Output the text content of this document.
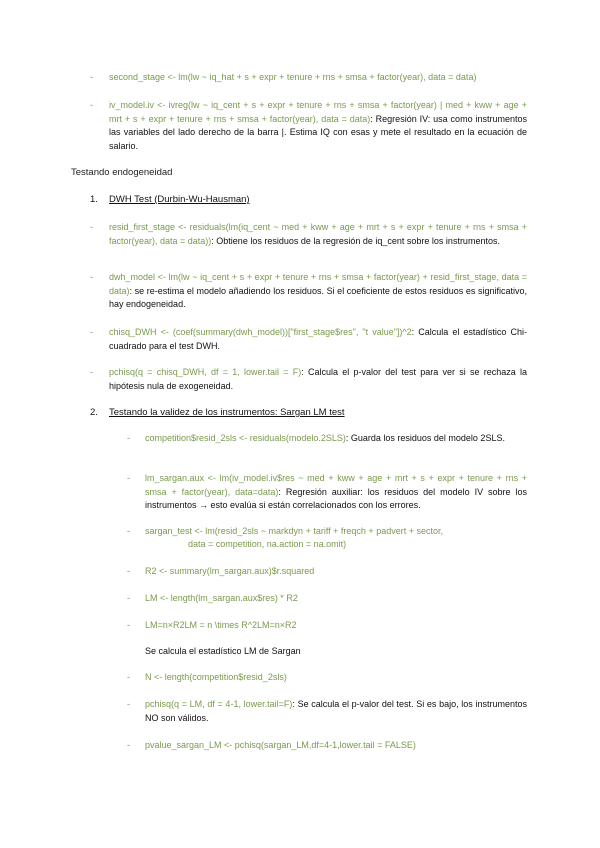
- second_stage <- lm(lw ~ iq_hat + s + expr + tenure + rns + smsa + factor(year), data = data)
- iv_model.iv <- ivreg(lw ~ iq_cent + s + expr + tenure + rns + smsa + factor(year) | med + kww + age + mrt + s + expr + tenure + rns + smsa + factor(year), data = data): Regresión IV: usa como instrumentos las variables del lado derecho de la barra |. Estima IQ con esas y mete el resultado en la ecuación de salario.
Testando endogeneidad
1. DWH Test (Durbin-Wu-Hausman)
- resid_first_stage <- residuals(lm(iq_cent ~ med + kww + age + mrt + s + expr + tenure + rns + smsa + factor(year), data = data)): Obtiene los residuos de la regresión de iq_cent sobre los instrumentos.
- dwh_model <- lm(lw ~ iq_cent + s + expr + tenure + rns + smsa + factor(year) + resid_first_stage, data = data): se re-estima el modelo añadiendo los residuos. Si el coeficiente de estos residuos es significativo, hay endogeneidad.
- chisq_DWH <- (coef(summary(dwh_model))["first_stage$res", "t value"])^2: Calcula el estadístico Chi-cuadrado para el test DWH.
- pchisq(q = chisq_DWH, df = 1, lower.tail = F): Calcula el p-valor del test para ver si se rechaza la hipótesis nula de exogeneidad.
2. Testando la validez de los instrumentos: Sargan LM test
- competition$resid_2sls <- residuals(modelo.2SLS): Guarda los residuos del modelo 2SLS.
- lm_sargan.aux <- lm(iv_model.iv$res ~ med + kww + age + mrt + s + expr + tenure + rns + smsa + factor(year), data=data): Regresión auxiliar: los residuos del modelo IV sobre los instrumentos → esto evalúa si están correlacionados con los errores.
- sargan_test <- lm(resid_2sls ~ markdyn + tariff + freqch + padvert + sector,
data = competition, na.action = na.omit)
- R2 <- summary(lm_sargan.aux)$r.squared
- LM <- length(lm_sargan.aux$res) * R2
- LM=n×R2LM = n \times R^2LM=n×R2
Se calcula el estadístico LM de Sargan
- N <- length(competition$resid_2sls)
- pchisq(q = LM, df = 4-1, lower.tail=F): Se calcula el p-valor del test. Si es bajo, los instrumentos NO son válidos.
- pvalue_sargan_LM <- pchisq(sargan_LM,df=4-1,lower.tail = FALSE)
